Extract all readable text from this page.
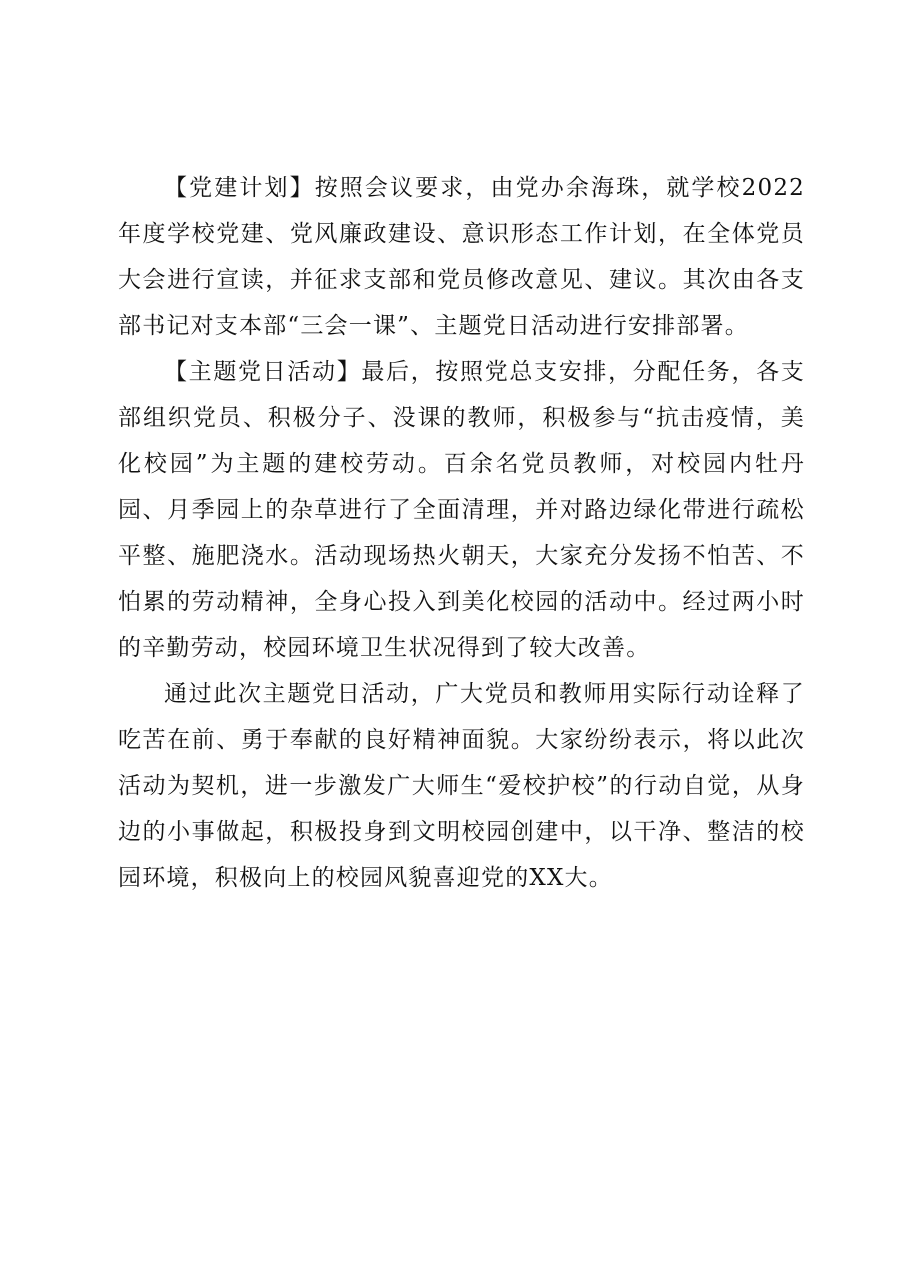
【党建计划】按照会议要求，由党办余海珠，就学校2022年度学校党建、党风廉政建设、意识形态工作计划，在全体党员大会进行宣读，并征求支部和党员修改意见、建议。其次由各支部书记对支本部“三会一课”、主题党日活动进行安排部署。

【主题党日活动】最后，按照党总支安排，分配任务，各支部组织党员、积极分子、没课的教师，积极参与“抗击疫情，美化校园”为主题的建校劳动。百余名党员教师，对校园内牡丹园、月季园上的杂草进行了全面清理，并对路边绿化带进行疏松平整、施肥浇水。活动现场热火朝天，大家充分发扬不怕苦、不怕累的劳动精神，全身心投入到美化校园的活动中。经过两小时的辛勤劳动，校园环境卫生状况得到了较大改善。

通过此次主题党日活动，广大党员和教师用实际行动诠释了吃苦在前、勇于奉献的良好精神面貌。大家纷纷表示，将以此次活动为契机，进一步激发广大师生“爱校护校”的行动自觉，从身边的小事做起，积极投身到文明校园创建中，以干净、整洁的校园环境，积极向上的校园风貌喜迎党的XX大。
